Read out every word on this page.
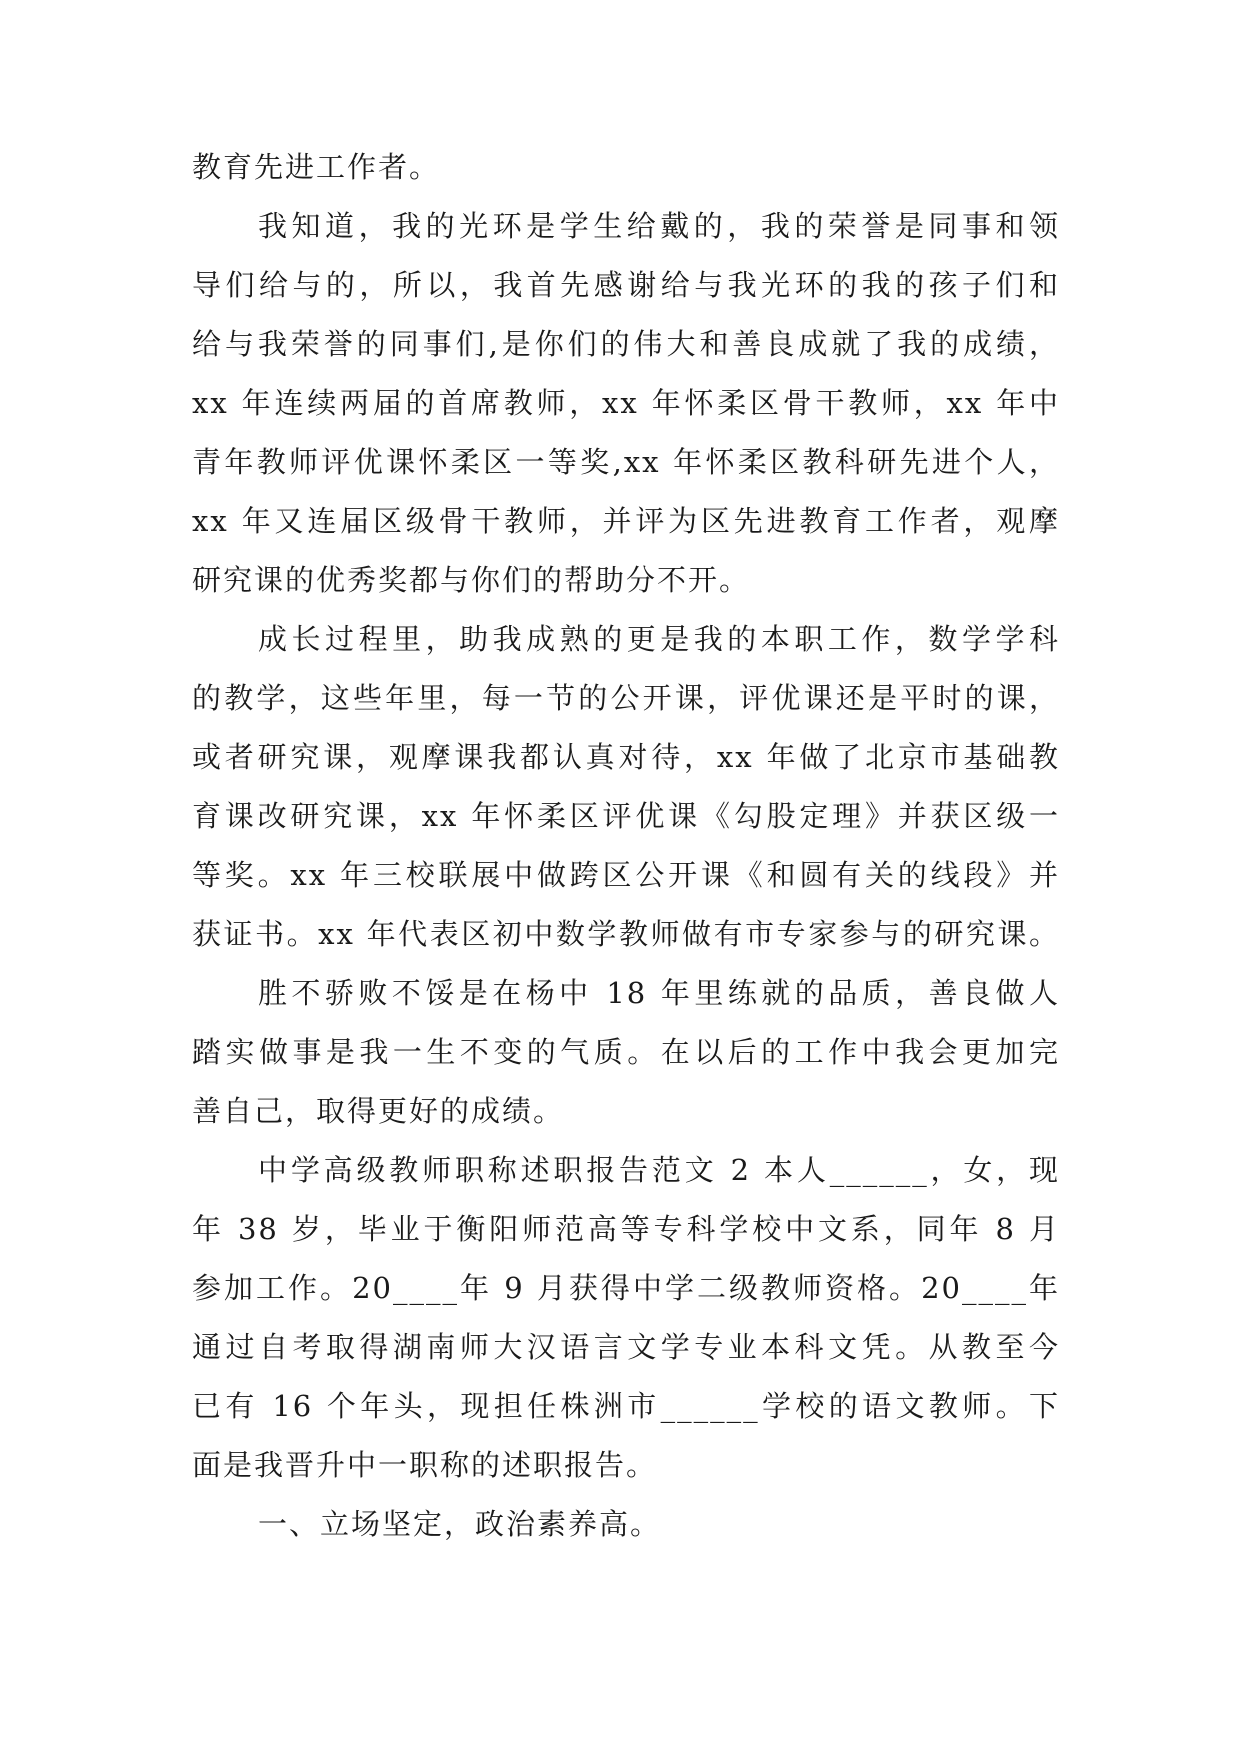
教育先进工作者。
我知道，我的光环是学生给戴的，我的荣誉是同事和领
导们给与的，所以，我首先感谢给与我光环的我的孩子们和
给与我荣誉的同事们,是你们的伟大和善良成就了我的成绩，
xx 年连续两届的首席教师，xx 年怀柔区骨干教师，xx 年中
青年教师评优课怀柔区一等奖,xx 年怀柔区教科研先进个人，
xx 年又连届区级骨干教师，并评为区先进教育工作者，观摩
研究课的优秀奖都与你们的帮助分不开。
成长过程里，助我成熟的更是我的本职工作，数学学科
的教学，这些年里，每一节的公开课，评优课还是平时的课，
或者研究课，观摩课我都认真对待，xx 年做了北京市基础教
育课改研究课，xx 年怀柔区评优课《勾股定理》并获区级一
等奖。xx 年三校联展中做跨区公开课《和圆有关的线段》并
获证书。xx 年代表区初中数学教师做有市专家参与的研究课。
胜不骄败不馁是在杨中 18 年里练就的品质，善良做人
踏实做事是我一生不变的气质。在以后的工作中我会更加完
善自己，取得更好的成绩。
中学高级教师职称述职报告范文 2 本人______，女，现
年 38 岁，毕业于衡阳师范高等专科学校中文系，同年 8 月
参加工作。20____年 9 月获得中学二级教师资格。20____年
通过自考取得湖南师大汉语言文学专业本科文凭。从教至今
已有 16 个年头，现担任株洲市______学校的语文教师。下
面是我晋升中一职称的述职报告。
一、立场坚定，政治素养高。
